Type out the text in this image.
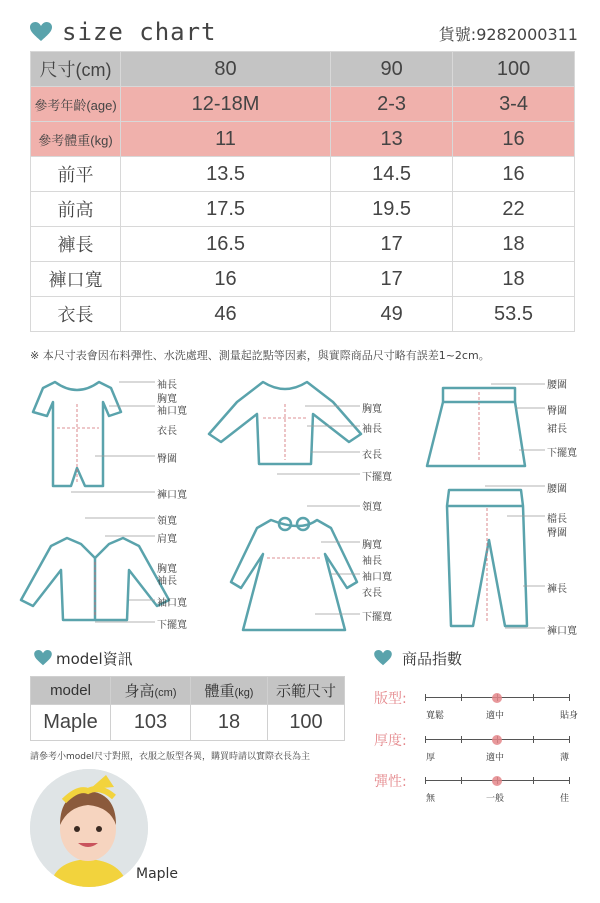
size chart	貨號:9282000311
尺寸(cm)	80	90	100
參考年齡(age)	12-18M	2-3	3-4
參考體重(kg)	11	13	16
前平	13.5	14.5	16
前高	17.5	19.5	22
褲長	16.5	17	18
褲口寬	16	17	18
衣長	46	49	53.5
※ 本尺寸表會因布料彈性、水洗處理、測量起訖點等因素，與實際商品尺寸略有誤差1~2cm。
袖長
胸寬
袖口寬
衣長
臀圍
褲口寬
胸寬
袖長
衣長
下擺寬
腰圍
臀圍
裙長
下擺寬
領寬
肩寬
胸寬
袖長
袖口寬
下擺寬
領寬
胸寬
袖長
袖口寬
衣長
下擺寬
腰圍
檔長
臀圍
褲長
褲口寬
model資訊
model	身高(cm)	體重(kg)	示範尺寸
Maple	103	18	100
請參考小model尺寸對照，衣服之版型各異，購買時請以實際衣長為主
Maple
商品指數
版型:
寬鬆	適中	貼身
厚度:
厚	適中	薄
彈性:
無	一般	佳
